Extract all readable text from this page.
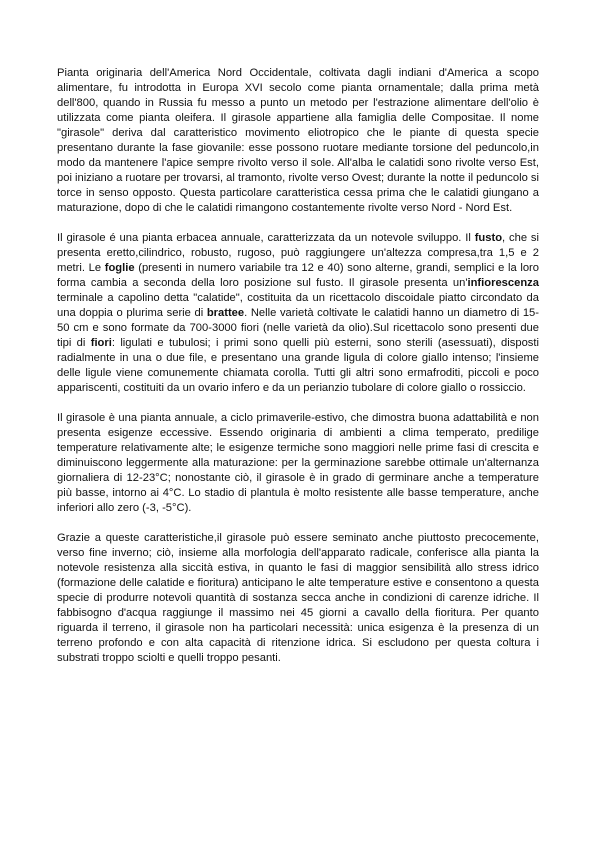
Pianta originaria dell'America Nord Occidentale, coltivata dagli indiani d'America a scopo alimentare, fu introdotta in Europa XVI secolo come pianta ornamentale; dalla prima metà dell'800, quando in Russia fu messo a punto un metodo per l'estrazione alimentare dell'olio è utilizzata come pianta oleifera. Il girasole appartiene alla famiglia delle Compositae. Il nome "girasole" deriva dal caratteristico movimento eliotropico che le piante di questa specie presentano durante la fase giovanile: esse possono ruotare mediante torsione del peduncolo,in modo da mantenere l'apice sempre rivolto verso il sole. All'alba le calatidi sono rivolte verso Est, poi iniziano a ruotare per trovarsi, al tramonto, rivolte verso Ovest; durante la notte il peduncolo si torce in senso opposto. Questa particolare caratteristica cessa prima che le calatidi giungano a maturazione, dopo di che le calatidi rimangono costantemente rivolte verso Nord - Nord Est.

Il girasole é una pianta erbacea annuale, caratterizzata da un notevole sviluppo. Il fusto, che si presenta eretto,cilindrico, robusto, rugoso, può raggiungere un'altezza compresa,tra 1,5 e 2 metri. Le foglie (presenti in numero variabile tra 12 e 40) sono alterne, grandi, semplici e la loro forma cambia a seconda della loro posizione sul fusto. Il girasole presenta un'infiorescenza terminale a capolino detta "calatide", costituita da un ricettacolo discoidale piatto circondato da una doppia o plurima serie di brattee. Nelle varietà coltivate le calatidi hanno un diametro di 15-50 cm e sono formate da 700-3000 fiori (nelle varietà da olio).Sul ricettacolo sono presenti due tipi di fiori: ligulati e tubulosi; i primi sono quelli più esterni, sono sterili (asessuati), disposti radialmente in una o due file, e presentano una grande ligula di colore giallo intenso; l'insieme delle ligule viene comunemente chiamata corolla. Tutti gli altri sono ermafroditi, piccoli e poco appariscenti, costituiti da un ovario infero e da un perianzio tubolare di colore giallo o rossiccio.

Il girasole è una pianta annuale, a ciclo primaverile-estivo, che dimostra buona adattabilità e non presenta esigenze eccessive. Essendo originaria di ambienti a clima temperato, predilige temperature relativamente alte; le esigenze termiche sono maggiori nelle prime fasi di crescita e diminuiscono leggermente alla maturazione: per la germinazione sarebbe ottimale un'alternanza giornaliera di 12-23°C; nonostante ciò, il girasole è in grado di germinare anche a temperature più basse, intorno ai 4°C. Lo stadio di plantula è molto resistente alle basse temperature, anche inferiori allo zero (-3, -5°C).

Grazie a queste caratteristiche,il girasole può essere seminato anche piuttosto precocemente, verso fine inverno; ciò, insieme alla morfologia dell'apparato radicale, conferisce alla pianta la notevole resistenza alla siccità estiva, in quanto le fasi di maggior sensibilità allo stress idrico (formazione delle calatide e fioritura) anticipano le alte temperature estive e consentono a questa specie di produrre notevoli quantità di sostanza secca anche in condizioni di carenze idriche. Il fabbisogno d'acqua raggiunge il massimo nei 45 giorni a cavallo della fioritura. Per quanto riguarda il terreno, il girasole non ha particolari necessità: unica esigenza è la presenza di un terreno profondo e con alta capacità di ritenzione idrica. Si escludono per questa coltura i substrati troppo sciolti e quelli troppo pesanti.
